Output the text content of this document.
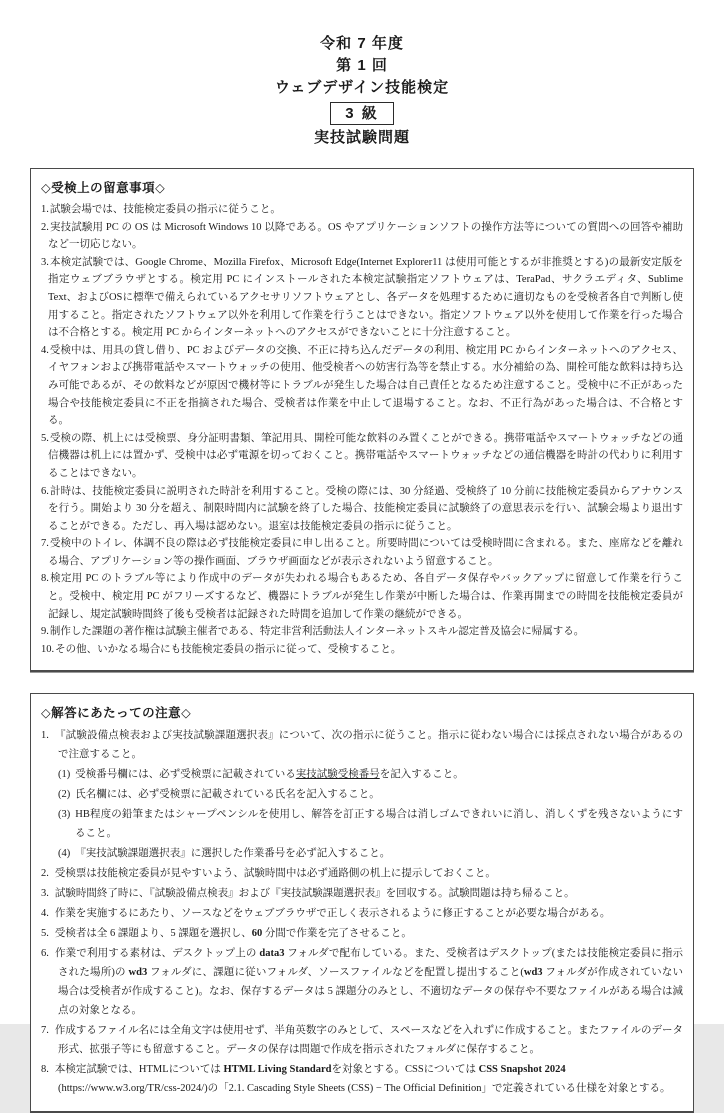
令和 7 年度
第 1 回
ウェブデザイン技能検定
3 級
実技試験問題
◇受検上の留意事項◇
1.試験会場では、技能検定委員の指示に従うこと。
2.実技試験用 PC の OS は Microsoft Windows 10 以降である。OS やアプリケーションソフトの操作方法等についての質問への回答や補助など一切応じない。
3.本検定試験では、Google Chrome、Mozilla Firefox、Microsoft Edge(Internet Explorer11 は使用可能とするが非推奨とする)の最新安定版を指定ウェブブラウザとする。検定用 PC にインストールされた本検定試験指定ソフトウェアは、TeraPad、サクラエディタ、Sublime Text、およびOSに標準で備えられているアクセサリソフトウェアとし、各データを処理するために適切なものを受検者各自で判断し使用すること。指定されたソフトウェア以外を利用して作業を行うことはできない。指定ソフトウェア以外を使用して作業を行った場合は不合格とする。検定用 PC からインターネットへのアクセスができないことに十分注意すること。
4.受検中は、用具の貸し借り、PC およびデータの交換、不正に持ち込んだデータの利用、検定用 PC からインターネットへのアクセス、イヤフォンおよび携帯電話やスマートウォッチの使用、他受検者への妨害行為等を禁止する。水分補給の為、開栓可能な飲料は持ち込み可能であるが、その飲料などが原因で機材等にトラブルが発生した場合は自己責任となるため注意すること。受検中に不正があった場合や技能検定委員に不正を指摘された場合、受検者は作業を中止して退場すること。なお、不正行為があった場合は、不合格とする。
5.受検の際、机上には受検票、身分証明書類、筆記用具、開栓可能な飲料のみ置くことができる。携帯電話やスマートウォッチなどの通信機器は机上には置かず、受検中は必ず電源を切っておくこと。携帯電話やスマートウォッチなどの通信機器を時計の代わりに利用することはできない。
6.計時は、技能検定委員に説明された時計を利用すること。受検の際には、30 分経過、受検終了 10 分前に技能検定委員からアナウンスを行う。開始より 30 分を超え、制限時間内に試験を終了した場合、技能検定委員に試験終了の意思表示を行い、試験会場より退出することができる。ただし、再入場は認めない。退室は技能検定委員の指示に従うこと。
7.受検中のトイレ、体調不良の際は必ず技能検定委員に申し出ること。所要時間については受検時間に含まれる。また、座席などを離れる場合、アプリケーション等の操作画面、ブラウザ画面などが表示されないよう留意すること。
8.検定用 PC のトラブル等により作成中のデータが失われる場合もあるため、各自データ保存やバックアップに留意して作業を行うこと。受検中、検定用 PC がフリーズするなど、機器にトラブルが発生し作業が中断した場合は、作業再開までの時間を技能検定委員が記録し、規定試験時間終了後も受検者は記録された時間を追加して作業の継続ができる。
9.制作した課題の著作権は試験主催者である、特定非営利活動法人インターネットスキル認定普及協会に帰属する。
10.その他、いかなる場合にも技能検定委員の指示に従って、受検すること。
◇解答にあたっての注意◇
1. 『試験設備点検表および実技試験課題選択表』について、次の指示に従うこと。指示に従わない場合には採点されない場合があるので注意すること。
(1) 受検番号欄には、必ず受検票に記載されている実技試験受検番号を記入すること。
(2) 氏名欄には、必ず受検票に記載されている氏名を記入すること。
(3) HB程度の鉛筆またはシャープペンシルを使用し、解答を訂正する場合は消しゴムできれいに消し、消しくずを残さないようにすること。
(4) 『実技試験課題選択表』に選択した作業番号を必ず記入すること。
2. 受検票は技能検定委員が見やすいよう、試験時間中は必ず通路側の机上に提示しておくこと。
3. 試験時間終了時に、『試験設備点検表』および『実技試験課題選択表』を回収する。試験問題は持ち帰ること。
4. 作業を実施するにあたり、ソースなどをウェブブラウザで正しく表示されるように修正することが必要な場合がある。
5. 受検者は全 6 課題より、5 課題を選択し、60 分間で作業を完了させること。
6. 作業で利用する素材は、デスクトップ上の data3 フォルダで配布している。また、受検者はデスクトップ(または技能検定委員に指示された場所)の wd3 フォルダに、課題に従いフォルダ、ソースファイルなどを配置し提出すること(wd3 フォルダが作成されていない場合は受検者が作成すること)。なお、保存するデータは 5 課題分のみとし、不適切なデータの保存や不要なファイルがある場合は減点の対象となる。
7. 作成するファイル名には全角文字は使用せず、半角英数字のみとして、スペースなどを入れずに作成すること。またファイルのデータ形式、拡張子等にも留意すること。データの保存は問題で作成を指示されたフォルダに保存すること。
8. 本検定試験では、HTMLについては HTML Living Standardを対象とする。CSSについては CSS Snapshot 2024
(https://www.w3.org/TR/css-2024/)の「2.1. Cascading Style Sheets (CSS) − The Official Definition」で定義されている仕様を対象とする。
